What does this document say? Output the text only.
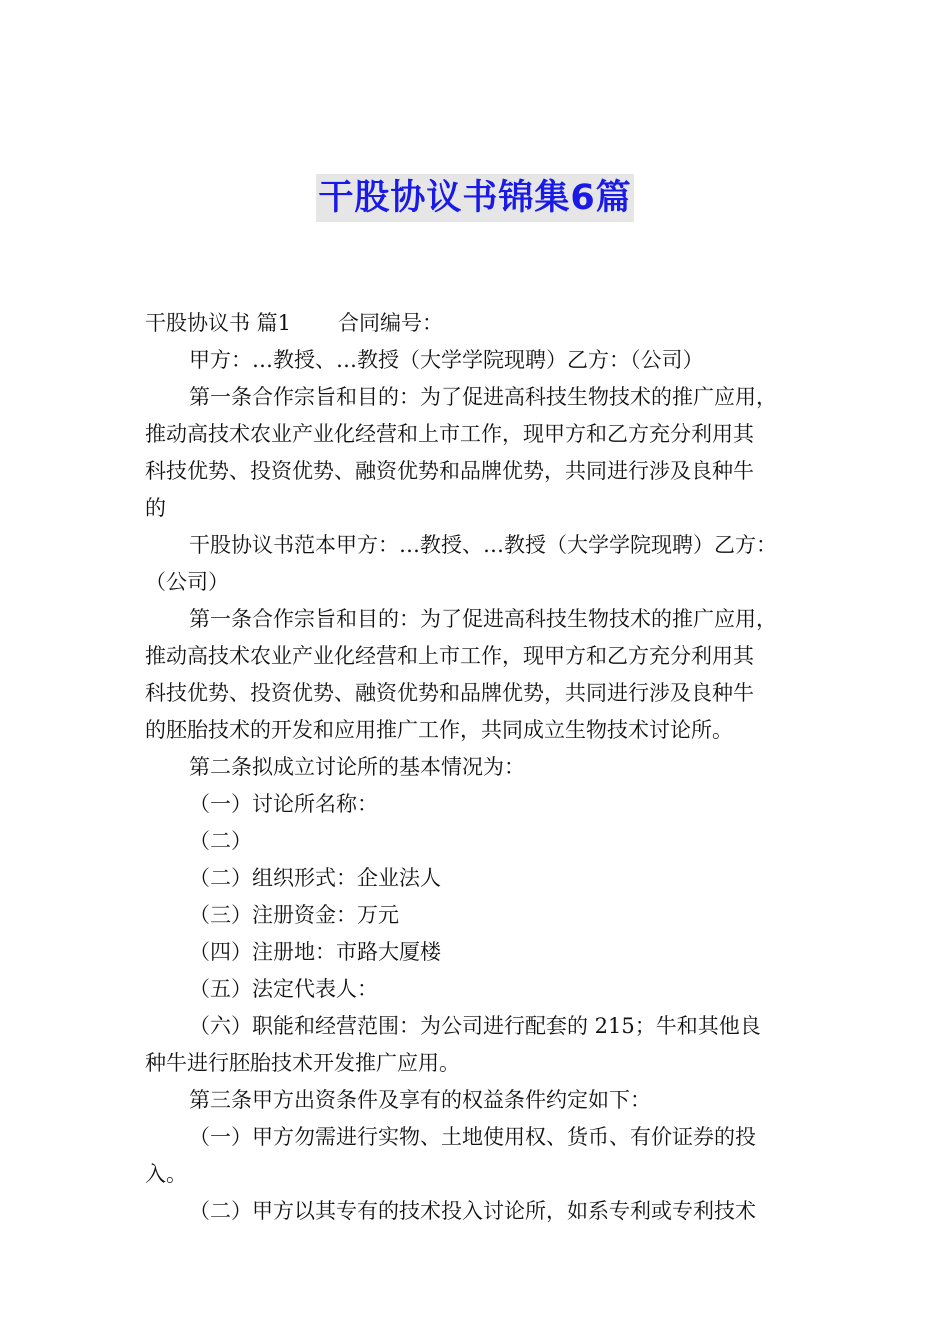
干股协议书锦集6篇
干股协议书 篇1 合同编号：
甲方：…教授、…教授（大学学院现聘）乙方：（公司）
第一条合作宗旨和目的：为了促进高科技生物技术的推广应用，
推动高技术农业产业化经营和上市工作，现甲方和乙方充分利用其
科技优势、投资优势、融资优势和品牌优势，共同进行涉及良种牛
的
干股协议书范本甲方：…教授、…教授（大学学院现聘）乙方：
（公司）
第一条合作宗旨和目的：为了促进高科技生物技术的推广应用，
推动高技术农业产业化经营和上市工作，现甲方和乙方充分利用其
科技优势、投资优势、融资优势和品牌优势，共同进行涉及良种牛
的胚胎技术的开发和应用推广工作，共同成立生物技术讨论所。
第二条拟成立讨论所的基本情况为：
（一）讨论所名称：
（二）
（二）组织形式：企业法人
（三）注册资金：万元
（四）注册地：市路大厦楼
（五）法定代表人：
（六）职能和经营范围：为公司进行配套的 215；牛和其他良
种牛进行胚胎技术开发推广应用。
第三条甲方出资条件及享有的权益条件约定如下：
（一）甲方勿需进行实物、土地使用权、货币、有价证券的投
入。
（二）甲方以其专有的技术投入讨论所，如系专利或专利技术
